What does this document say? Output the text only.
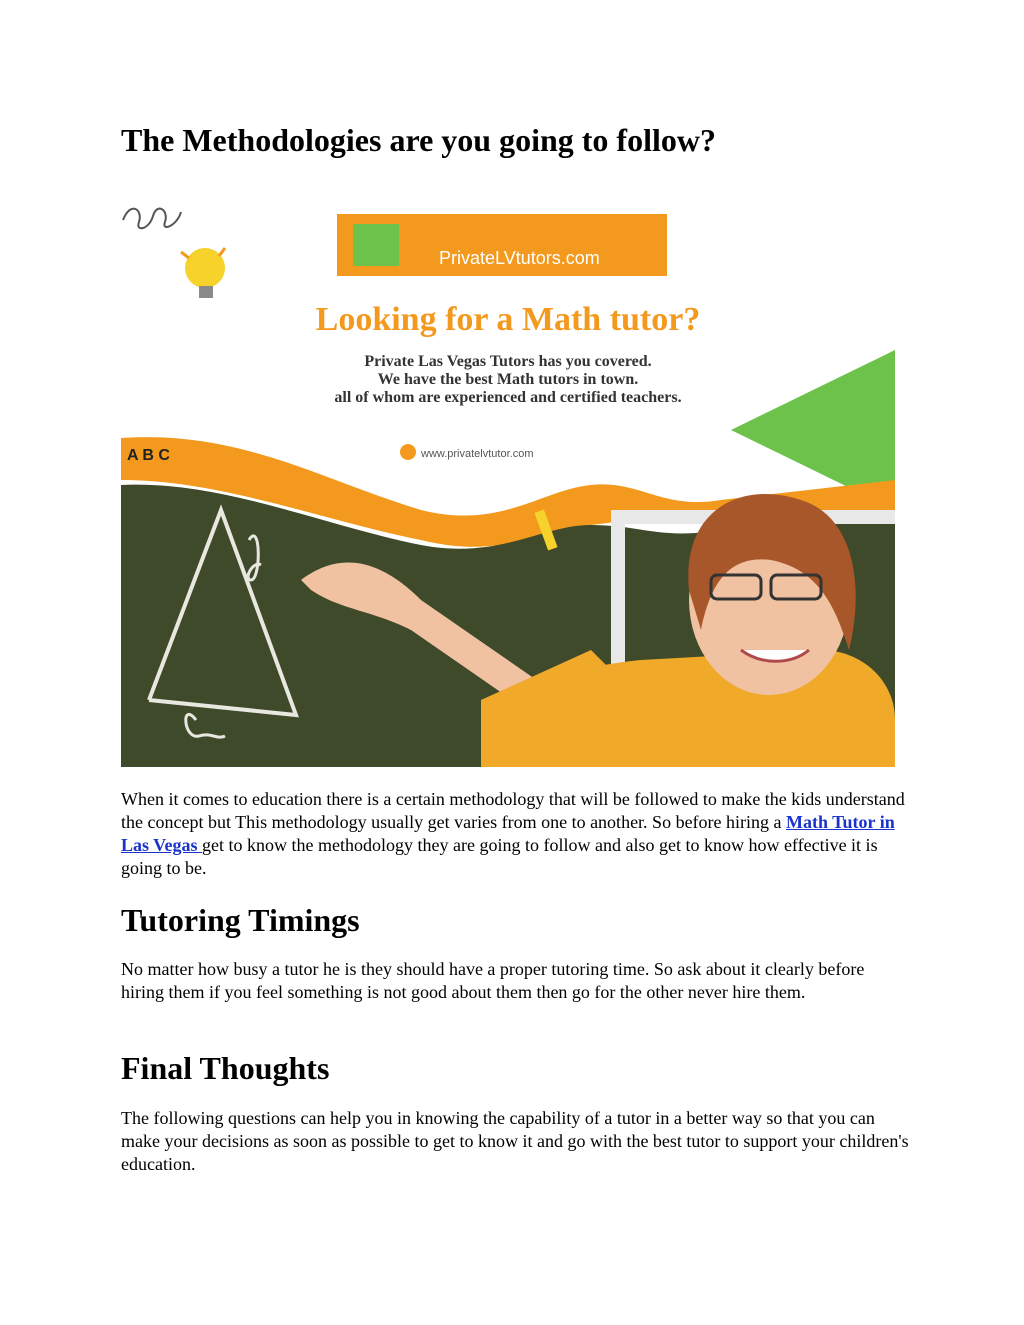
The Methodologies are you going to follow?
PrivateLVtutors.com
Looking for a Math tutor?
Private Las Vegas Tutors has you covered.
We have the best Math tutors in town.
all of whom are experienced and certified teachers.
www.privatelvtutor.com
A B C

When it comes to education there is a certain methodology that will be followed to make the kids understand the concept but This methodology usually get varies from one to another. So before hiring a Math Tutor in Las Vegas get to know the methodology they are going to follow and also get to know how effective it is going to be.

Tutoring Timings

No matter how busy a tutor he is they should have a proper tutoring time. So ask about it clearly before hiring them if you feel something is not good about them then go for the other never hire them.

Final Thoughts

The following questions can help you in knowing the capability of a tutor in a better way so that you can make your decisions as soon as possible to get to know it and go with the best tutor to support your children's education.
